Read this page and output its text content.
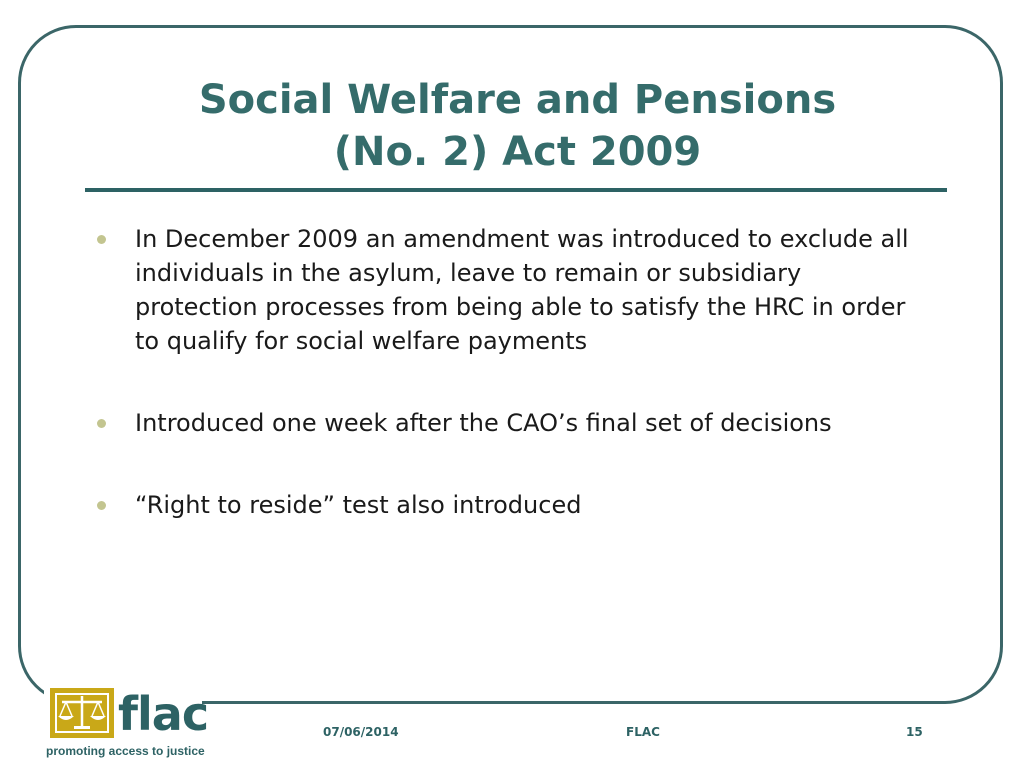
Social Welfare and Pensions
(No. 2) Act 2009
In December 2009 an amendment was introduced to exclude all individuals in the asylum, leave to remain or subsidiary protection processes from being able to satisfy the HRC in order to qualify for social welfare payments
Introduced one week after the CAO’s final set of decisions
“Right to reside” test also introduced
flac
promoting access to justice
07/06/2014	FLAC	15
